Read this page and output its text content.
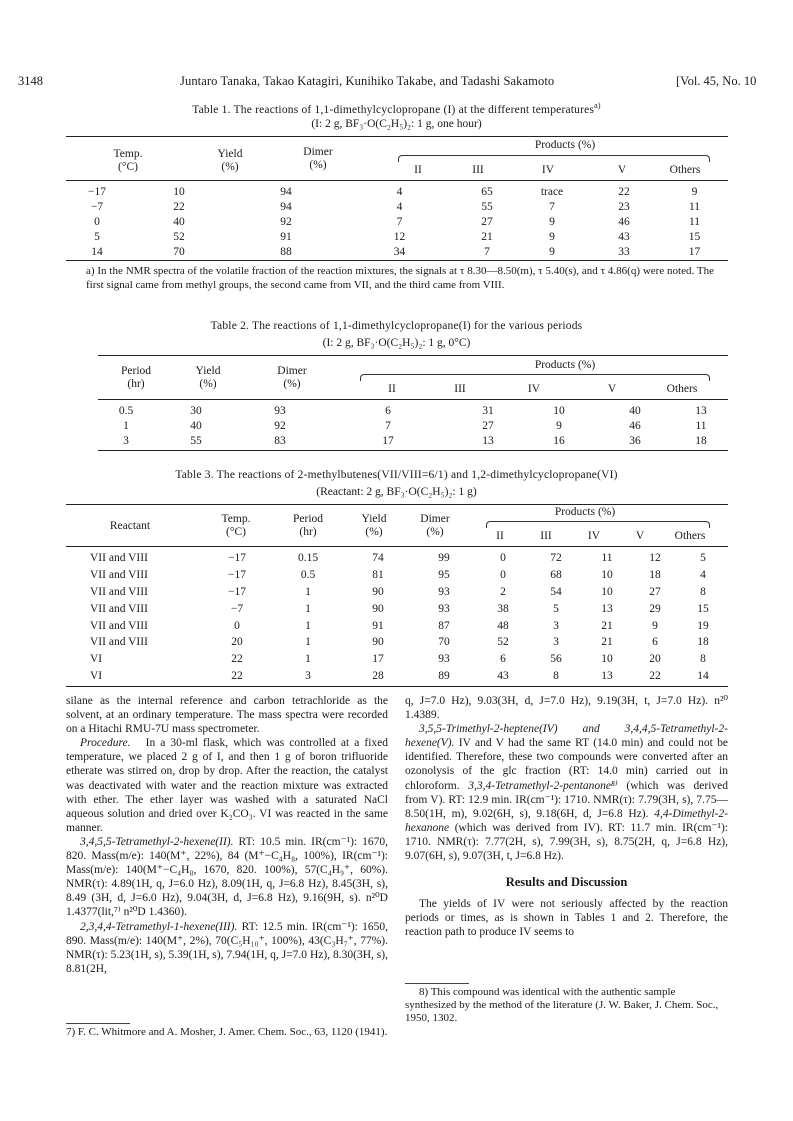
3148	Juntaro Tanaka, Takao Katagiri, Kunihiko Takabe, and Tadashi Sakamoto	[Vol. 45, No. 10
Table 1. The reactions of 1,1-dimethylcyclopropane (I) at the different temperatures$^{a)}$
(I: 2 g, BF₃·O(C₂H₅)₂: 1 g, one hour)
Products (%)
Temp.
(°C)
Yield
(%)
Dimer
(%)	II	III	IV	V	Others
−17	10	94	4	65	trace	22	9
−7	22	94	4	55	7	23	11
0	40	92	7	27	9	46	11
5	52	91	12	21	9	43	15
14	70	88	34	7	9	33	17
a) In the NMR spectra of the volatile fraction of the reaction mixtures, the signals at τ 8.30—8.50(m), τ 5.40(s), and τ 4.86(q) were noted. The first signal came from methyl groups, the second came from VII, and the third came from VIII.
Table 2. The reactions of 1,1-dimethylcyclopropane(I) for the various periods
(I: 2 g, BF₃·O(C₂H₅)₂: 1 g, 0°C)
Products (%)
Period
(hr)
Yield
(%)
Dimer
(%)	II	III	IV	V	Others
0.5	30	93	6	31	10	40	13
1	40	92	7	27	9	46	11
3	55	83	17	13	16	36	18
Table 3. The reactions of 2-methylbutenes(VII/VIII=6/1) and 1,2-dimethylcyclopropane(VI)
(Reactant: 2 g, BF₃·O(C₂H₅)₂: 1 g)
Products (%)
Reactant
Temp.
(°C)
Period
(hr)
Yield
(%)
Dimer
(%)	II	III	IV	V	Others
VII and VIII	−17	0.15	74	99	0	72	11	12	5
VII and VIII	−17	0.5	81	95	0	68	10	18	4
VII and VIII	−17	1	90	93	2	54	10	27	8
VII and VIII	−7	1	90	93	38	5	13	29	15
VII and VIII	0	1	91	87	48	3	21	9	19
VII and VIII	20	1	90	70	52	3	21	6	18
VI	22	1	17	93	6	56	10	20	8
VI	22	3	28	89	43	8	13	22	14

silane as the internal reference and carbon tetrachloride as the solvent, at an ordinary temperature. The mass spectra were recorded on a Hitachi RMU-7U mass spectrometer.

Procedure. In a 30-ml flask, which was controlled at a fixed temperature, we placed 2 g of I, and then 1 g of boron trifluoride etherate was stirred on, drop by drop. After the reaction, the catalyst was deactivated with water and the reaction mixture was extracted with ether. The ether layer was washed with a saturated NaCl aqueous solution and dried over K₂CO₃. VI was reacted in the same manner.

3,4,5,5-Tetramethyl-2-hexene(II). RT: 10.5 min. IR(cm⁻¹): 1670, 820. Mass(m/e): 140(M⁺, 22%), 84 (M⁺−C₄H₈, 100%), IR(cm⁻¹): Mass(m/e): 140(M⁺−C₄H₈, 1670, 820. 100%), 57(C₄H₉⁺, 60%). NMR(τ): 4.89(1H, q, J=6.0 Hz), 8.09(1H, q, J=6.8 Hz), 8.45(3H, s), 8.49 (3H, d, J=6.0 Hz), 9.04(3H, d, J=6.8 Hz), 9.16(9H, s). n²⁰D 1.4377(lit,⁷⁾ n²⁰D 1.4360).

2,3,4,4-Tetramethyl-1-hexene(III). RT: 12.5 min. IR(cm⁻¹): 1650, 890. Mass(m/e): 140(M⁺, 2%), 70(C₅H₁₀⁺, 100%), 43(C₃H₇⁺, 77%). NMR(τ): 5.23(1H, s), 5.39(1H, s), 7.94(1H, q, J=7.0 Hz), 8.30(3H, s), 8.81(2H,

7) F. C. Whitmore and A. Mosher, J. Amer. Chem. Soc., 63, 1120 (1941).

q, J=7.0 Hz), 9.03(3H, d, J=7.0 Hz), 9.19(3H, t, J=7.0 Hz). n²⁰ 1.4389.

3,5,5-Trimethyl-2-heptene(IV) and 3,4,4,5-Tetramethyl-2-hexene(V). IV and V had the same RT (14.0 min) and could not be identified. Therefore, these two compounds were converted after an ozonolysis of the glc fraction (RT: 14.0 min) carried out in chloroform. 3,3,4-Tetramethyl-2-pentanone⁸⁾ (which was derived from V). RT: 12.9 min. IR(cm⁻¹): 1710. NMR(τ): 7.79(3H, s), 7.75—8.50(1H, m), 9.02(6H, s), 9.18(6H, d, J=6.8 Hz). 4,4-Dimethyl-2-hexanone (which was derived from IV). RT: 11.7 min. IR(cm⁻¹): 1710. NMR(τ): 7.77(2H, s), 7.99(3H, s), 8.75(2H, q, J=6.8 Hz), 9.07(6H, s), 9.07(3H, t, J=6.8 Hz).

Results and Discussion

The yields of IV were not seriously affected by the reaction periods or times, as is shown in Tables 1 and 2. Therefore, the reaction path to produce IV seems to

8) This compound was identical with the authentic sample synthesized by the method of the literature (J. W. Baker, J. Chem. Soc., 1950, 1302.
